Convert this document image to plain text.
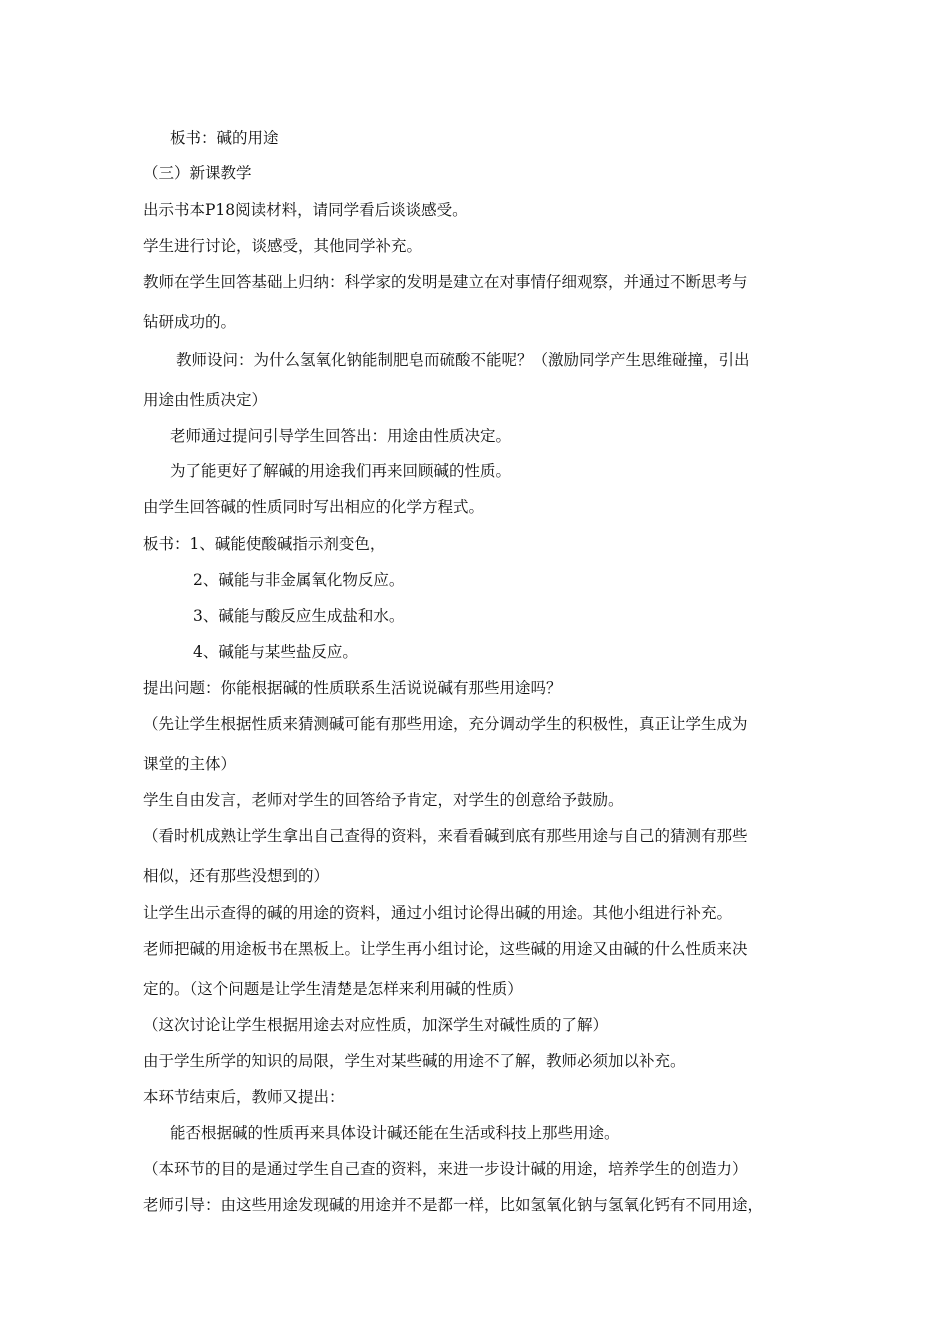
板书：碱的用途
（三）新课教学
出示书本P18阅读材料，请同学看后谈谈感受。
学生进行讨论，谈感受，其他同学补充。
教师在学生回答基础上归纳：科学家的发明是建立在对事情仔细观察，并通过不断思考与
钻研成功的。
教师设问：为什么氢氧化钠能制肥皂而硫酸不能呢？（激励同学产生思维碰撞，引出
用途由性质决定）
老师通过提问引导学生回答出：用途由性质决定。
为了能更好了解碱的用途我们再来回顾碱的性质。
由学生回答碱的性质同时写出相应的化学方程式。
板书：1、碱能使酸碱指示剂变色，
2、碱能与非金属氧化物反应。
3、碱能与酸反应生成盐和水。
4、碱能与某些盐反应。
提出问题：你能根据碱的性质联系生活说说碱有那些用途吗？
（先让学生根据性质来猜测碱可能有那些用途，充分调动学生的积极性，真正让学生成为
课堂的主体）
学生自由发言，老师对学生的回答给予肯定，对学生的创意给予鼓励。
（看时机成熟让学生拿出自己查得的资料，来看看碱到底有那些用途与自己的猜测有那些
相似，还有那些没想到的）
让学生出示查得的碱的用途的资料，通过小组讨论得出碱的用途。其他小组进行补充。
老师把碱的用途板书在黑板上。让学生再小组讨论，这些碱的用途又由碱的什么性质来决
定的。（这个问题是让学生清楚是怎样来利用碱的性质）
（这次讨论让学生根据用途去对应性质，加深学生对碱性质的了解）
由于学生所学的知识的局限，学生对某些碱的用途不了解，教师必须加以补充。
本环节结束后，教师又提出：
能否根据碱的性质再来具体设计碱还能在生活或科技上那些用途。
（本环节的目的是通过学生自己查的资料，来进一步设计碱的用途，培养学生的创造力）
老师引导：由这些用途发现碱的用途并不是都一样，比如氢氧化钠与氢氧化钙有不同用途，
